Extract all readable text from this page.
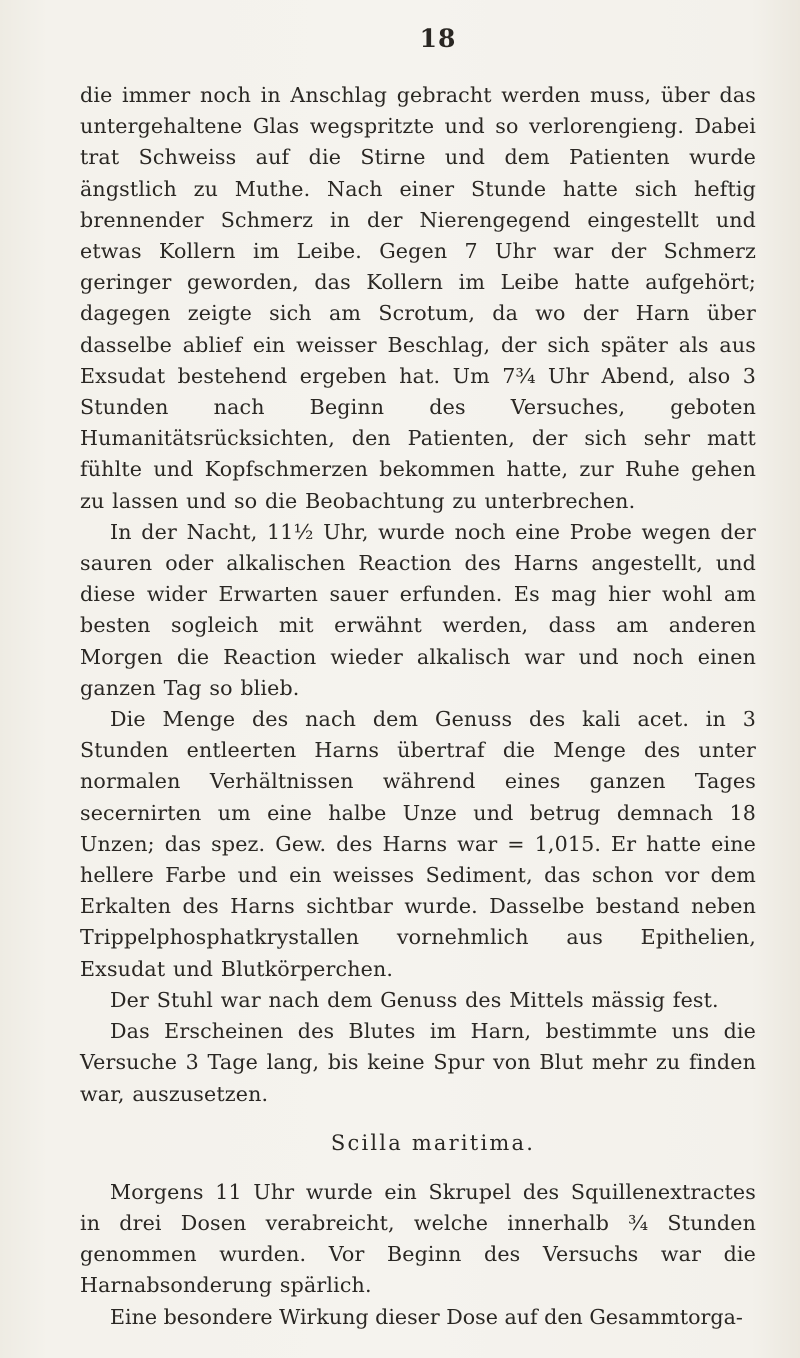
18

die immer noch in Anschlag gebracht werden muss, über das untergehaltene Glas wegspritzte und so verlorengieng. Dabei trat Schweiss auf die Stirne und dem Patienten wurde ängstlich zu Muthe. Nach einer Stunde hatte sich heftig brennender Schmerz in der Nierengegend eingestellt und etwas Kollern im Leibe. Gegen 7 Uhr war der Schmerz geringer geworden, das Kollern im Leibe hatte aufgehört; dagegen zeigte sich am Scrotum, da wo der Harn über dasselbe ablief ein weisser Beschlag, der sich später als aus Exsudat bestehend ergeben hat. Um 7¾ Uhr Abend, also 3 Stunden nach Beginn des Versuches, geboten Humanitätsrücksichten, den Patienten, der sich sehr matt fühlte und Kopfschmerzen bekommen hatte, zur Ruhe gehen zu lassen und so die Beobachtung zu unterbrechen.

In der Nacht, 11½ Uhr, wurde noch eine Probe wegen der sauren oder alkalischen Reaction des Harns angestellt, und diese wider Erwarten sauer erfunden. Es mag hier wohl am besten sogleich mit erwähnt werden, dass am anderen Morgen die Reaction wieder alkalisch war und noch einen ganzen Tag so blieb.

Die Menge des nach dem Genuss des kali acet. in 3 Stunden entleerten Harns übertraf die Menge des unter normalen Verhältnissen während eines ganzen Tages secernirten um eine halbe Unze und betrug demnach 18 Unzen; das spez. Gew. des Harns war = 1,015. Er hatte eine hellere Farbe und ein weisses Sediment, das schon vor dem Erkalten des Harns sichtbar wurde. Dasselbe bestand neben Trippelphosphatkrystallen vornehmlich aus Epithelien, Exsudat und Blutkörperchen.

Der Stuhl war nach dem Genuss des Mittels mässig fest.

Das Erscheinen des Blutes im Harn, bestimmte uns die Versuche 3 Tage lang, bis keine Spur von Blut mehr zu finden war, auszusetzen.

Scilla maritima.

Morgens 11 Uhr wurde ein Skrupel des Squillenextractes in drei Dosen verabreicht, welche innerhalb ¾ Stunden genommen wurden. Vor Beginn des Versuchs war die Harnabsonderung spärlich.

Eine besondere Wirkung dieser Dose auf den Gesammtorga-
